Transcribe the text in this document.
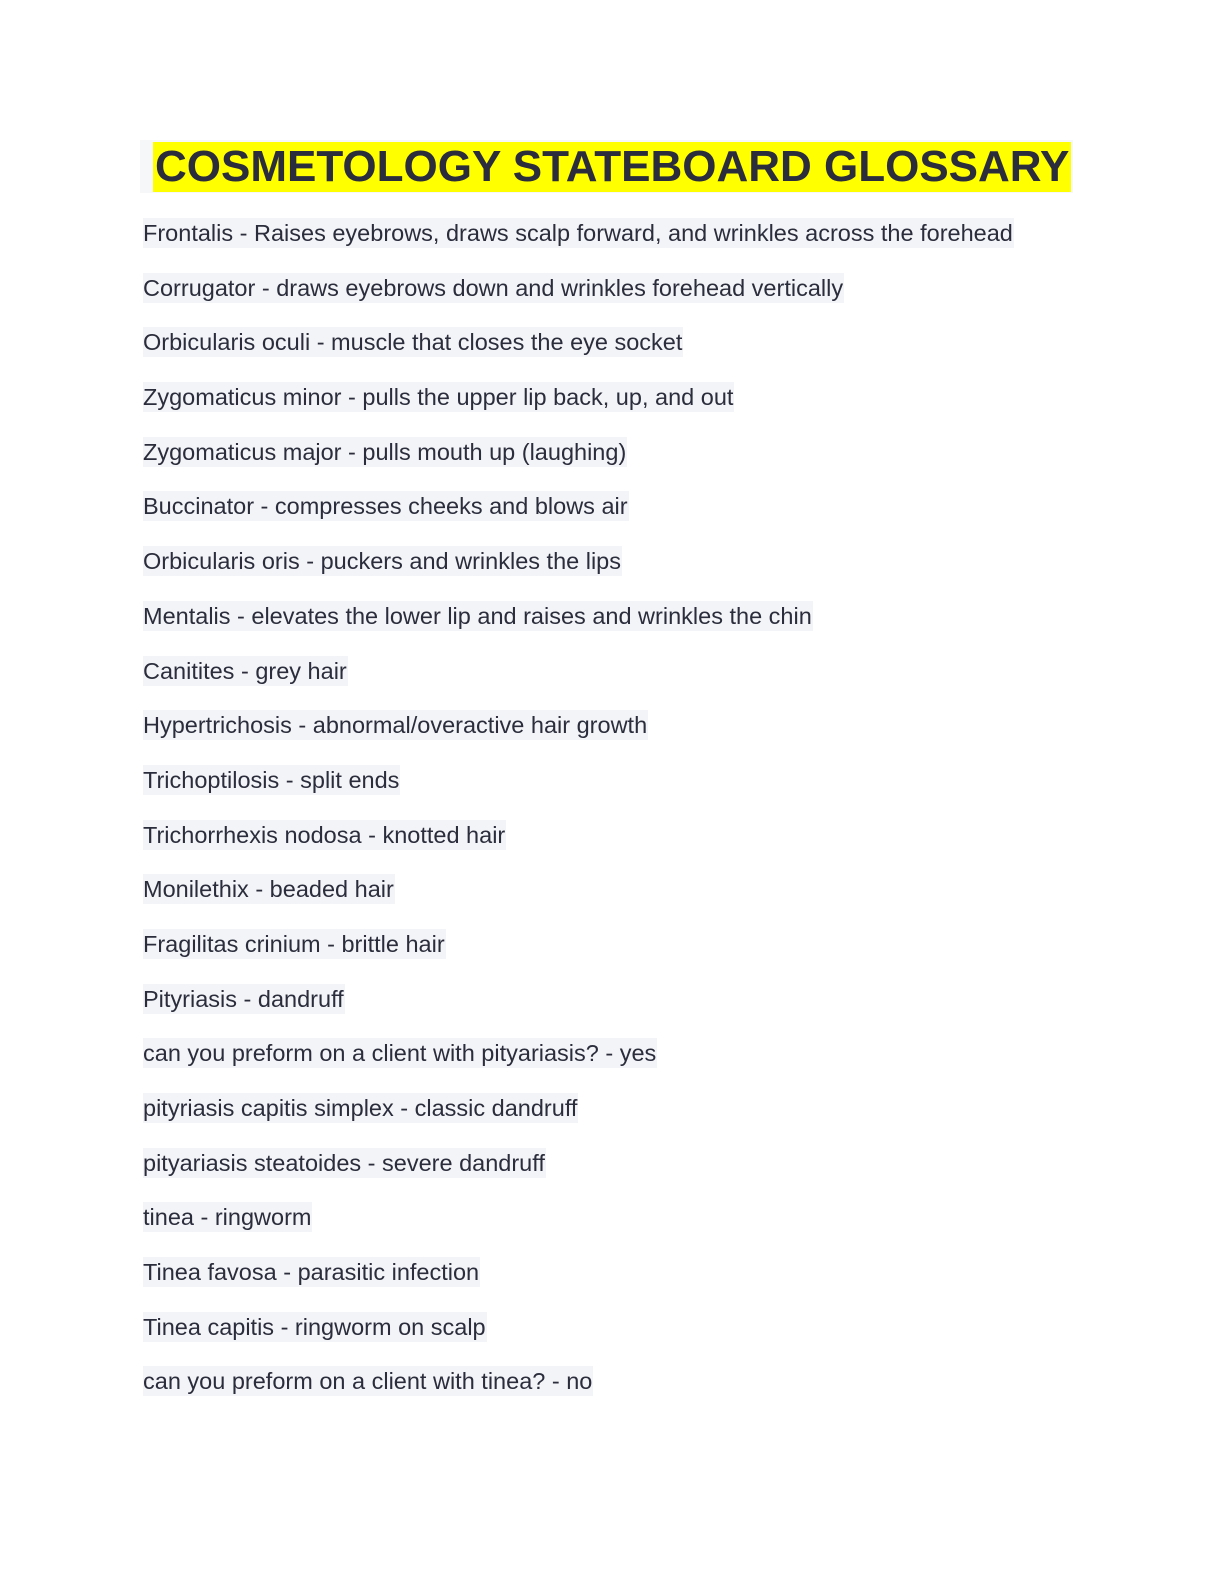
COSMETOLOGY STATEBOARD GLOSSARY
Frontalis - Raises eyebrows, draws scalp forward, and wrinkles across the forehead
Corrugator - draws eyebrows down and wrinkles forehead vertically
Orbicularis oculi - muscle that closes the eye socket
Zygomaticus minor - pulls the upper lip back, up, and out
Zygomaticus major - pulls mouth up (laughing)
Buccinator - compresses cheeks and blows air
Orbicularis oris - puckers and wrinkles the lips
Mentalis - elevates the lower lip and raises and wrinkles the chin
Canitites - grey hair
Hypertrichosis - abnormal/overactive hair growth
Trichoptilosis - split ends
Trichorrhexis nodosa - knotted hair
Monilethix - beaded hair
Fragilitas crinium - brittle hair
Pityriasis - dandruff
can you preform on a client with pityariasis? - yes
pityriasis capitis simplex - classic dandruff
pityariasis steatoides - severe dandruff
tinea - ringworm
Tinea favosa - parasitic infection
Tinea capitis - ringworm on scalp
can you preform on a client with tinea? - no
